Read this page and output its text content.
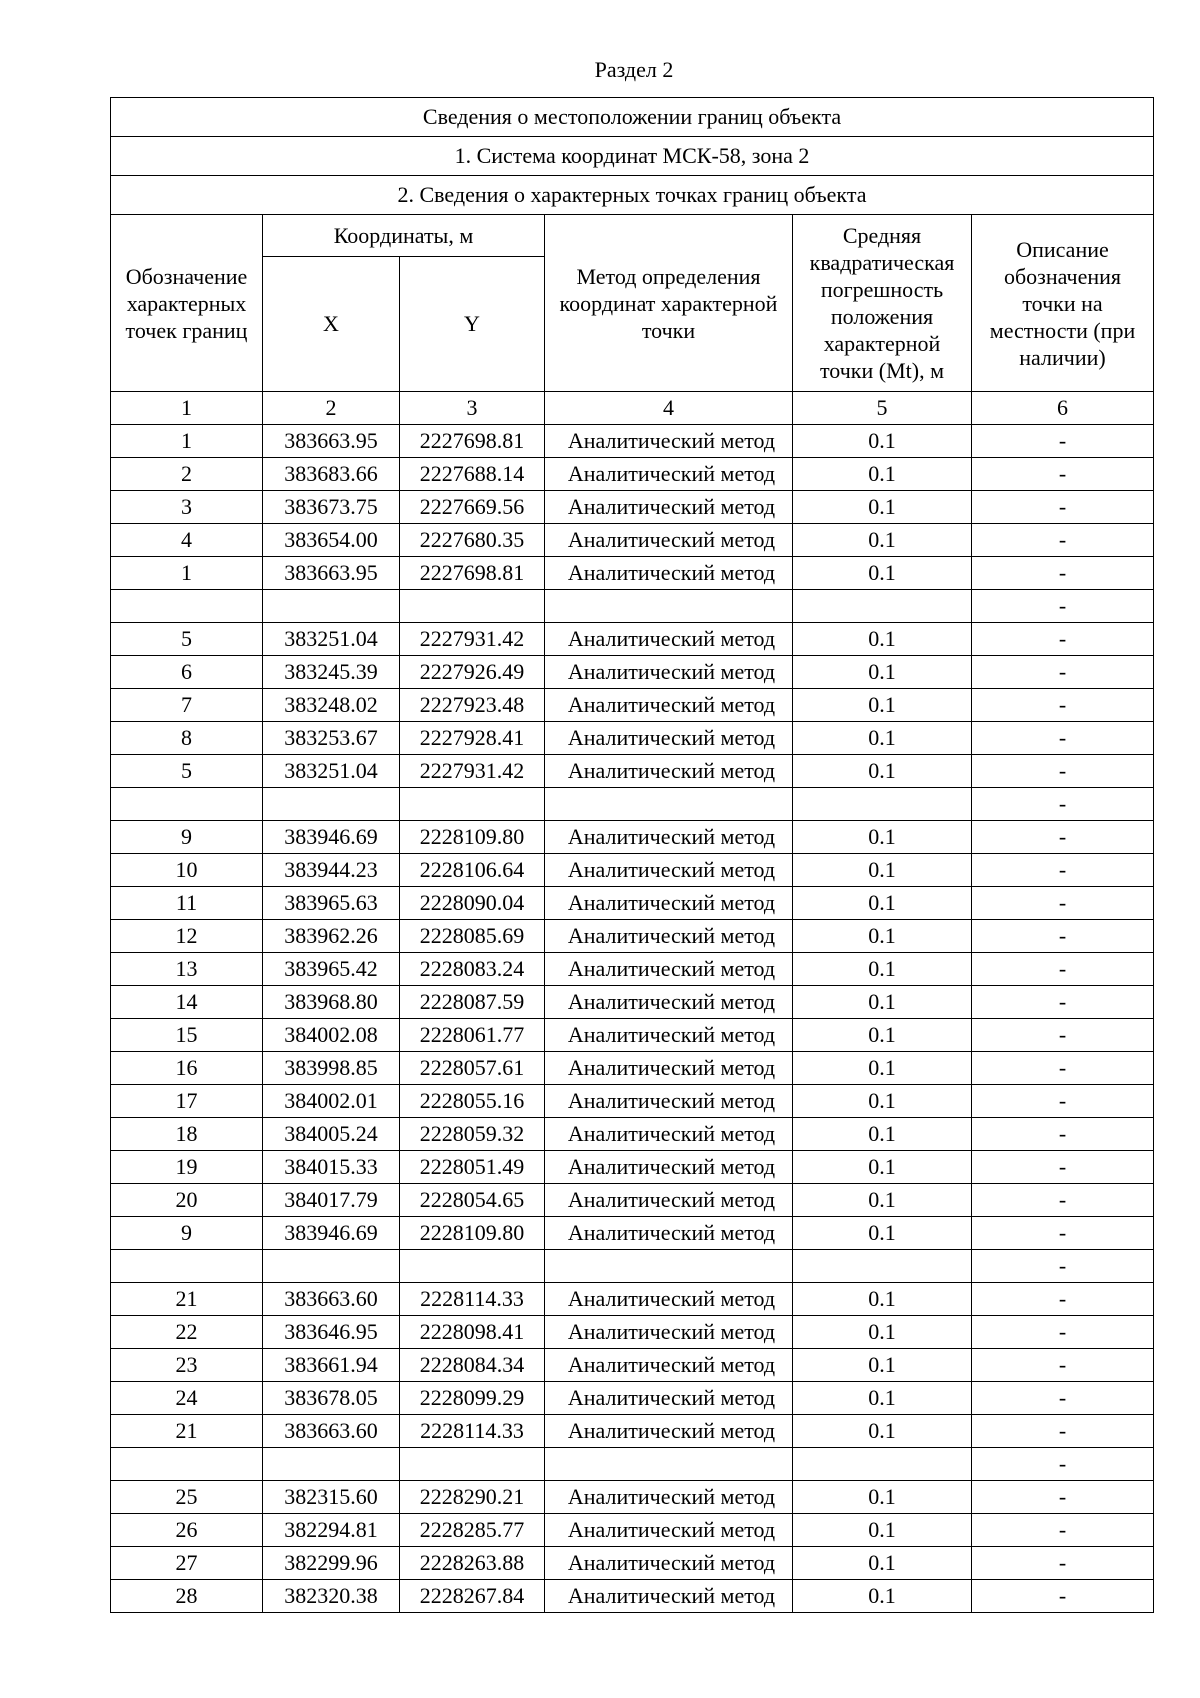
Раздел 2
Сведения о местоположении границ объекта					
1. Система координат МСК-58, зона 2					
2. Сведения о характерных точках границ объекта					
Обозначение характерных точек границ	Координаты, м		Метод определения координат характерной точки	Средняя квадратическая погрешность положения характерной точки (Mt), м	Описание обозначения точки на местности (при наличии)
	X	Y			
1	2	3	4	5	6
1	383663.95	2227698.81	Аналитический метод	0.1	-
2	383683.66	2227688.14	Аналитический метод	0.1	-
3	383673.75	2227669.56	Аналитический метод	0.1	-
4	383654.00	2227680.35	Аналитический метод	0.1	-
1	383663.95	2227698.81	Аналитический метод	0.1	-
					-
5	383251.04	2227931.42	Аналитический метод	0.1	-
6	383245.39	2227926.49	Аналитический метод	0.1	-
7	383248.02	2227923.48	Аналитический метод	0.1	-
8	383253.67	2227928.41	Аналитический метод	0.1	-
5	383251.04	2227931.42	Аналитический метод	0.1	-
					-
9	383946.69	2228109.80	Аналитический метод	0.1	-
10	383944.23	2228106.64	Аналитический метод	0.1	-
11	383965.63	2228090.04	Аналитический метод	0.1	-
12	383962.26	2228085.69	Аналитический метод	0.1	-
13	383965.42	2228083.24	Аналитический метод	0.1	-
14	383968.80	2228087.59	Аналитический метод	0.1	-
15	384002.08	2228061.77	Аналитический метод	0.1	-
16	383998.85	2228057.61	Аналитический метод	0.1	-
17	384002.01	2228055.16	Аналитический метод	0.1	-
18	384005.24	2228059.32	Аналитический метод	0.1	-
19	384015.33	2228051.49	Аналитический метод	0.1	-
20	384017.79	2228054.65	Аналитический метод	0.1	-
9	383946.69	2228109.80	Аналитический метод	0.1	-
					-
21	383663.60	2228114.33	Аналитический метод	0.1	-
22	383646.95	2228098.41	Аналитический метод	0.1	-
23	383661.94	2228084.34	Аналитический метод	0.1	-
24	383678.05	2228099.29	Аналитический метод	0.1	-
21	383663.60	2228114.33	Аналитический метод	0.1	-
					-
25	382315.60	2228290.21	Аналитический метод	0.1	-
26	382294.81	2228285.77	Аналитический метод	0.1	-
27	382299.96	2228263.88	Аналитический метод	0.1	-
28	382320.38	2228267.84	Аналитический метод	0.1	-
